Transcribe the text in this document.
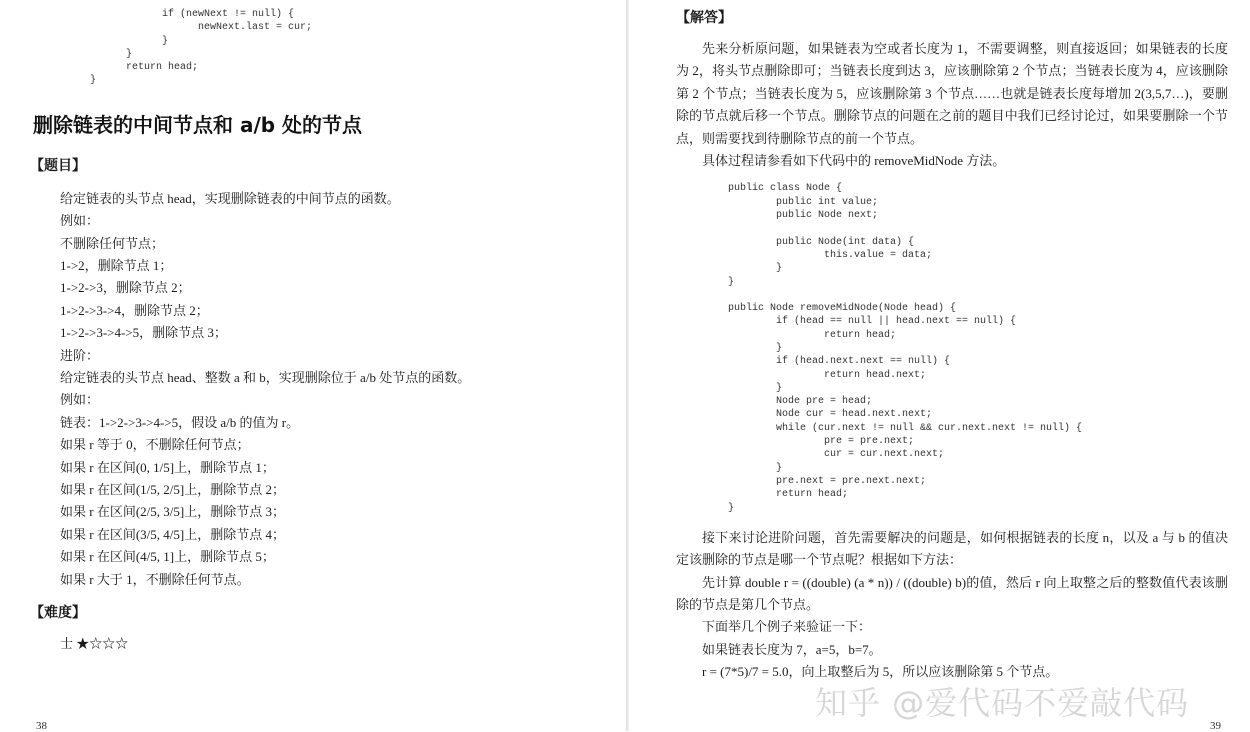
if (newNext != null) {
newNext.last = cur;
}
}
return head;
}
删除链表的中间节点和 a/b 处的节点
【题目】
给定链表的头节点 head，实现删除链表的中间节点的函数。
例如：
不删除任何节点；
1->2，删除节点 1；
1->2->3，删除节点 2；
1->2->3->4，删除节点 2；
1->2->3->4->5，删除节点 3；
进阶：
给定链表的头节点 head、整数 a 和 b，实现删除位于 a/b 处节点的函数。
例如：
链表：1->2->3->4->5，假设 a/b 的值为 r。
如果 r 等于 0，不删除任何节点；
如果 r 在区间(0, 1/5]上，删除节点 1；
如果 r 在区间(1/5, 2/5]上，删除节点 2；
如果 r 在区间(2/5, 3/5]上，删除节点 3；
如果 r 在区间(3/5, 4/5]上，删除节点 4；
如果 r 在区间(4/5, 1]上，删除节点 5；
如果 r 大于 1，不删除任何节点。
【难度】
士 ★☆☆☆
38
【解答】
先来分析原问题，如果链表为空或者长度为 1，不需要调整，则直接返回；如果链表的长度为 2，将头节点删除即可；当链表长度到达 3，应该删除第 2 个节点；当链表长度为 4，应该删除第 2 个节点；当链表长度为 5，应该删除第 3 个节点……也就是链表长度每增加 2(3,5,7…)，要删除的节点就后移一个节点。删除节点的问题在之前的题目中我们已经讨论过，如果要删除一个节点，则需要找到待删除节点的前一个节点。
具体过程请参看如下代码中的 removeMidNode 方法。
public class Node {
public int value;
public Node next;

public Node(int data) {
this.value = data;
}
}

public Node removeMidNode(Node head) {
if (head == null || head.next == null) {
return head;
}
if (head.next.next == null) {
return head.next;
}
Node pre = head;
Node cur = head.next.next;
while (cur.next != null && cur.next.next != null) {
pre = pre.next;
cur = cur.next.next;
}
pre.next = pre.next.next;
return head;
}
接下来讨论进阶问题，首先需要解决的问题是，如何根据链表的长度 n，以及 a 与 b 的值决定该删除的节点是哪一个节点呢？根据如下方法：
先计算 double r = ((double) (a * n)) / ((double) b)的值，然后 r 向上取整之后的整数值代表该删除的节点是第几个节点。
下面举几个例子来验证一下：
如果链表长度为 7，a=5，b=7。
r = (7*5)/7 = 5.0，向上取整后为 5，所以应该删除第 5 个节点。
39
知乎 @爱代码不爱敲代码
